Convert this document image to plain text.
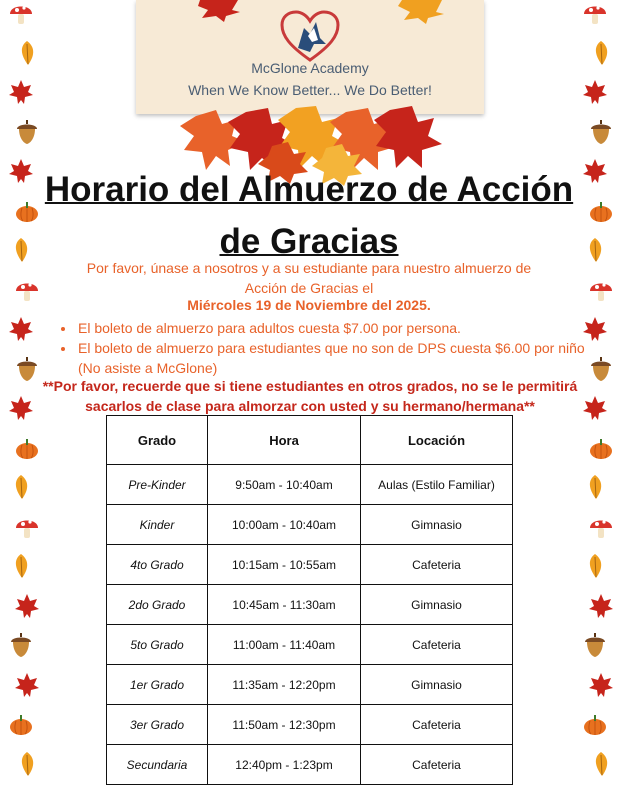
McGlone Academy
When We Know Better... We Do Better!
Horario del Almuerzo de Acción de Gracias

Por favor, únase a nosotros y a su estudiante para nuestro almuerzo de Acción de Gracias el

Miércoles 19 de Noviembre del 2025.
• El boleto de almuerzo para adultos cuesta $7.00 por persona.
• El boleto de almuerzo para estudiantes que no son de DPS cuesta $6.00 por niño (No asiste a McGlone)

**Por favor, recuerde que si tiene estudiantes en otros grados, no se le permitirá sacarlos de clase para almorzar con usted y su hermano/hermana**

Grado	Hora	Locación
Pre-Kinder	9:50am - 10:40am	Aulas (Estilo Familiar)
Kinder	10:00am - 10:40am	Gimnasio
4to Grado	10:15am - 10:55am	Cafeteria
2do Grado	10:45am - 11:30am	Gimnasio
5to Grado	11:00am - 11:40am	Cafeteria
1er Grado	11:35am - 12:20pm	Gimnasio
3er Grado	11:50am - 12:30pm	Cafeteria
Secundaria	12:40pm - 1:23pm	Cafeteria
